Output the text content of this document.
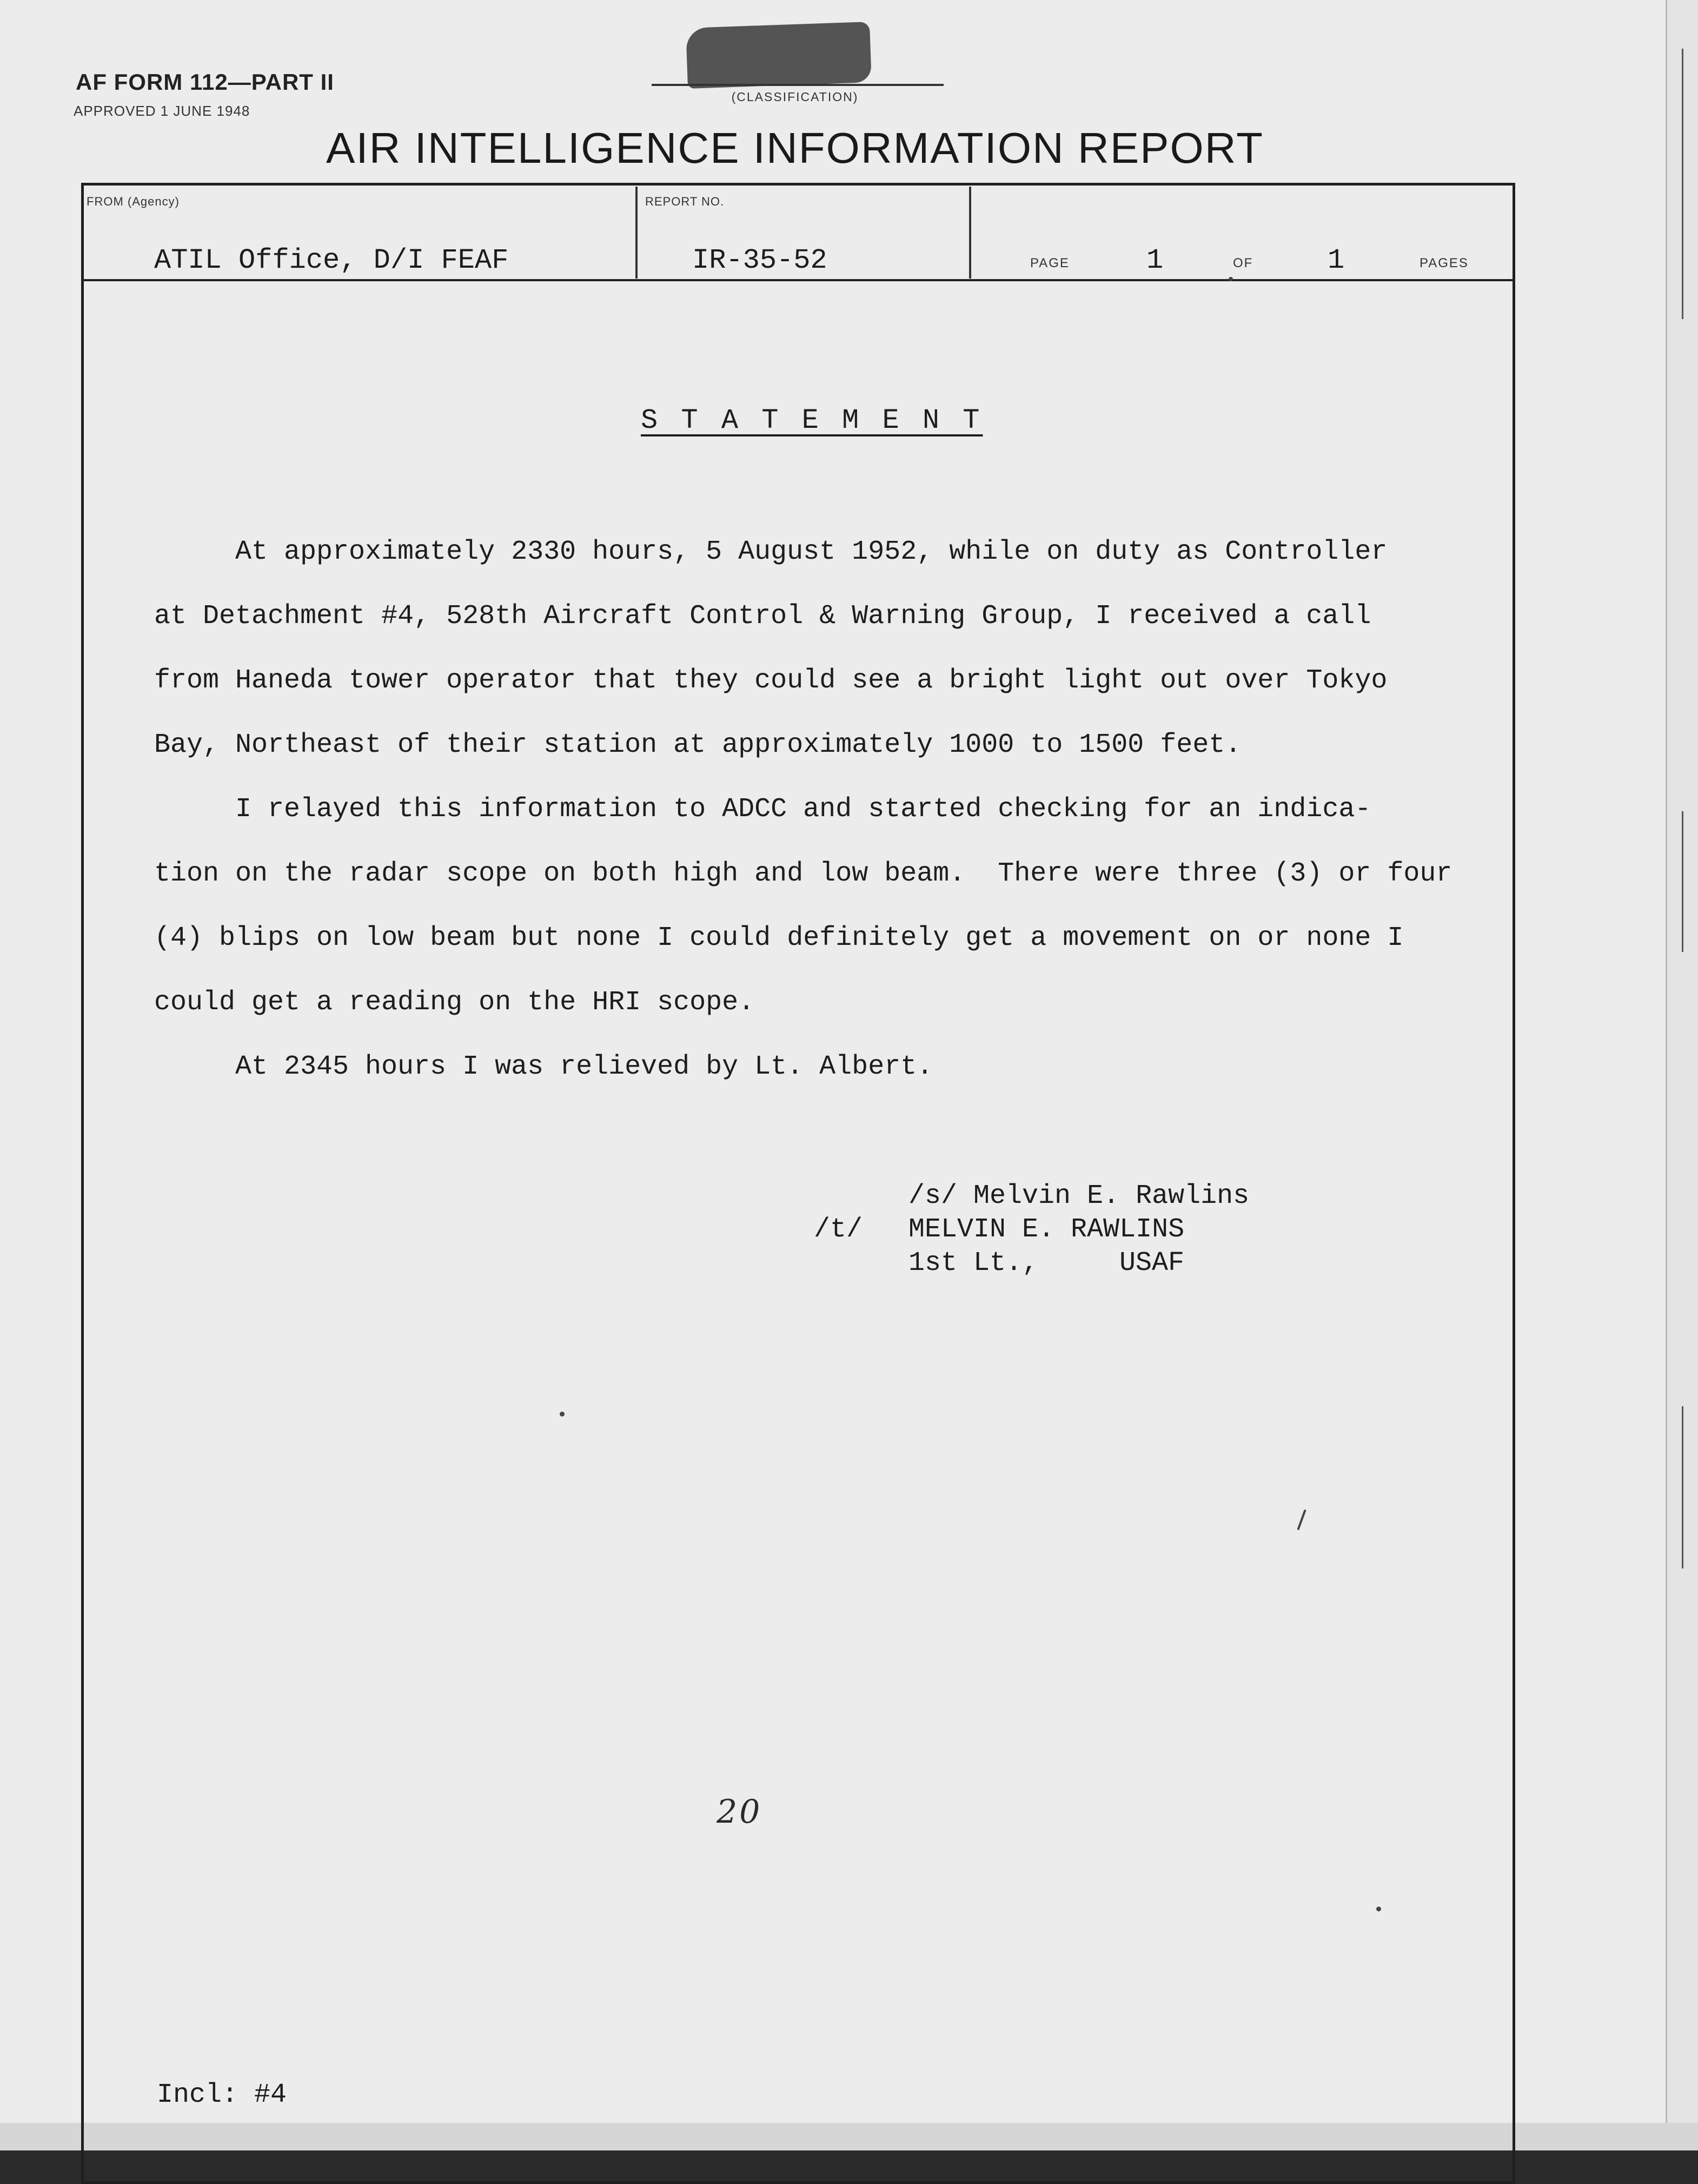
AF FORM 112—PART II
APPROVED 1 JUNE 1948
(CLASSIFICATION)
AIR INTELLIGENCE INFORMATION REPORT
FROM (Agency)
ATIL Office, D/I FEAF
REPORT NO.
IR-35-52	PAGE	1	OF	1	PAGES
S T A T E M E N T
At approximately 2330 hours, 5 August 1952, while on duty as Controller
at Detachment #4, 528th Aircraft Control & Warning Group, I received a call
from Haneda tower operator that they could see a bright light out over Tokyo
Bay, Northeast of their station at approximately 1000 to 1500 feet.
I relayed this information to ADCC and started checking for an indica-
tion on the radar scope on both high and low beam.  There were three (3) or four
(4) blips on low beam but none I could definitely get a movement on or none I
could get a reading on the HRI scope.
At 2345 hours I was relieved by Lt. Albert.
/s/ Melvin E. Rawlins
/t/ MELVIN E. RAWLINS
1st Lt.,	USAF
20
Incl: #4
